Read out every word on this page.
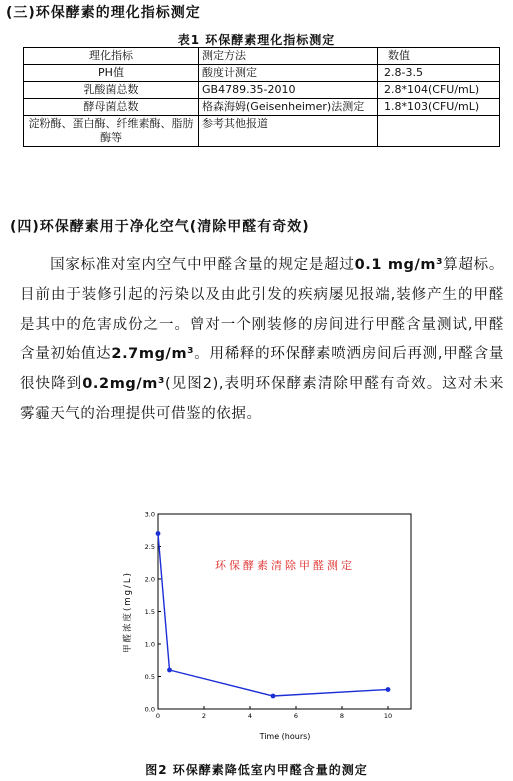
(三)环保酵素的理化指标测定
表1 环保酵素理化指标测定
理化指标	测定方法	数值
PH值	酸度计测定	2.8-3.5
乳酸菌总数	GB4789.35-2010	2.8*104(CFU/mL)
酵母菌总数	格森海姆(Geisenheimer)法测定	1.8*103(CFU/mL)
淀粉酶、蛋白酶、纤维素酶、脂肪酶等	参考其他报道	
(四)环保酵素用于净化空气(清除甲醛有奇效)
国家标准对室内空气中甲醛含量的规定是超过0.1 mg/m³算超标。目前由于装修引起的污染以及由此引发的疾病屡见报端,装修产生的甲醛是其中的危害成份之一。曾对一个刚装修的房间进行甲醛含量测试,甲醛含量初始值达2.7mg/m³。用稀释的环保酵素喷洒房间后再测,甲醛含量很快降到0.2mg/m³(见图2),表明环保酵素清除甲醛有奇效。这对未来雾霾天气的治理提供可借鉴的依据。
0.0
0.5
1.0
1.5
2.0
2.5
3.0
0	2	4	6	8	10
环保酵素清除甲醛测定
Time (hours)
甲醛浓度(mg/L)
图2 环保酵素降低室内甲醛含量的测定
